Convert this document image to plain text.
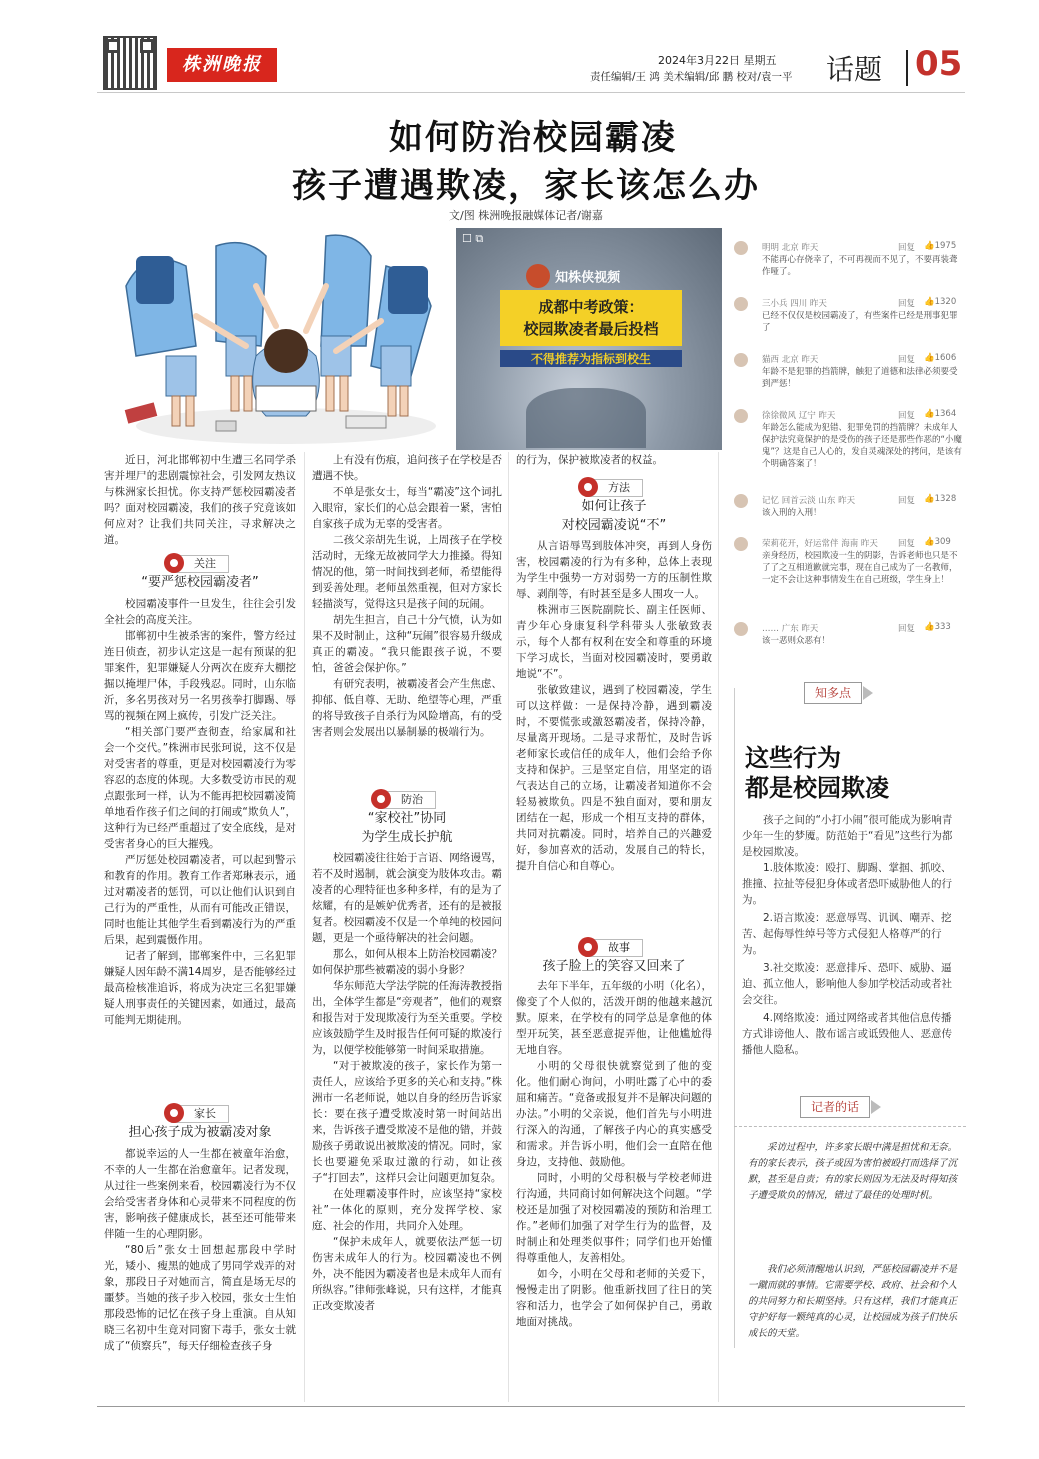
株洲晚报	2024年3月22日 星期五
责任编辑/王 鸿 美术编辑/邱 鹏 校对/袁一平 话题 05
如何防治校园霸凌
孩子遭遇欺凌，家长该怎么办
文/图 株洲晚报融媒体记者/谢嘉
☐ ⧉
知株侠视频
成都中考政策：
校园欺凌者最后投档
不得推荐为指标到校生
明明 北京 昨天	回复 👍1975
不能再心存侥幸了，不可再视而不见了，不要再装聋作哑了。
三小兵 四川 昨天	回复 👍1320
已经不仅仅是校园霸凌了，有些案件已经是刑事犯罪了
猫西 北京 昨天	回复 👍1606
年龄不是犯罪的挡箭牌，触犯了道德和法律必须要受到严惩！
徐徐微风 辽宁 昨天	回复 👍1364
年龄怎么能成为犯错、犯罪免罚的挡箭牌？未成年人保护法究竟保护的是受伤的孩子还是那些作恶的“小魔鬼”？这是自己人心的，发自灵魂深处的拷问，是该有个明确答案了！
记忆 回首云淡 山东 昨天	回复 👍1328
该入刑的入刑！
荣莉花开，好运常伴 海南 昨天 回复 👍309
亲身经历，校园欺凌一生的阴影，告诉老师也只是不了了之互相道歉就完事，现在自己成为了一名教师，一定不会让这种事情发生在自己班级，学生身上！
…… 广东 昨天	回复 👍333
该一恶则众恶有！
知多点
这些行为
都是校园欺凌
孩子之间的“小打小闹”很可能成为影响青少年一生的梦魇。防范始于“看见”这些行为都是校园欺凌。
1.肢体欺凌：殴打、脚踢、掌掴、抓咬、推撞、拉扯等侵犯身体或者恐吓威胁他人的行为。
2.语言欺凌：恶意辱骂、讥讽、嘲弄、挖苦、起侮辱性绰号等方式侵犯人格尊严的行为。
3.社交欺凌：恶意排斥、恐吓、威胁、逼迫、孤立他人，影响他人参加学校活动或者社会交往。
4.网络欺凌：通过网络或者其他信息传播方式诽谤他人、散布谣言或诋毁他人、恶意传播他人隐私。
记者的话
采访过程中，许多家长眼中满是担忧和无奈。有的家长表示，孩子或因为害怕被殴打而选择了沉默，甚至是自责；有的家长则因为无法及时得知孩子遭受欺负的情况，错过了最佳的处理时机。
我们必须清醒地认识到，严惩校园霸凌并不是一蹴而就的事情。它需要学校、政府、社会和个人的共同努力和长期坚持。只有这样，我们才能真正守护好每一颗纯真的心灵，让校园成为孩子们快乐成长的天堂。

近日，河北邯郸初中生遭三名同学杀害并埋尸的悲剧震惊社会，引发网友热议与株洲家长担忧。你支持严惩校园霸凌者吗？面对校园霸凌，我们的孩子究竟该如何应对？让我们共同关注，寻求解决之道。

关注
“要严惩校园霸凌者”

校园霸凌事件一旦发生，往往会引发全社会的高度关注。

邯郸初中生被杀害的案件，警方经过连日侦查，初步认定这是一起有预谋的犯罪案件，犯罪嫌疑人分两次在废弃大棚挖掘以掩埋尸体，手段残忍。同时，山东临沂，多名男孩对另一名男孩拳打脚踢、辱骂的视频在网上疯传，引发广泛关注。

“相关部门要严查彻查，给家属和社会一个交代。”株洲市民张珂说，这不仅是对受害者的尊重，更是对校园霸凌行为零容忍的态度的体现。大多数受访市民的观点跟张珂一样，认为不能再把校园霸凌简单地看作孩子们之间的打闹或“欺负人”，这种行为已经严重超过了安全底线，是对受害者身心的巨大摧残。

严厉惩处校园霸凌者，可以起到警示和教育的作用。教育工作者郑琳表示，通过对霸凌者的惩罚，可以让他们认识到自己行为的严重性，从而有可能改正错误，同时也能让其他学生看到霸凌行为的严重后果，起到震慑作用。

记者了解到，邯郸案件中，三名犯罪嫌疑人因年龄不满14周岁，是否能够经过最高检核准追诉，将成为决定三名犯罪嫌疑人刑事责任的关键因素，如通过，最高可能判无期徒刑。

家长
担心孩子成为被霸凌对象

都说幸运的人一生都在被童年治愈，不幸的人一生都在治愈童年。记者发现，从过往一些案例来看，校园霸凌行为不仅会给受害者身体和心灵带来不同程度的伤害，影响孩子健康成长，甚至还可能带来伴随一生的心理阴影。

“80后”张女士回想起那段中学时光，矮小、瘦黑的她成了男同学戏弄的对象，那段日子对她而言，简直是场无尽的噩梦。当她的孩子步入校园，张女士生怕那段恐怖的记忆在孩子身上重演。自从知晓三名初中生竟对同窗下毒手，张女士就成了“侦察兵”，每天仔细检查孩子身

上有没有伤痕，追问孩子在学校是否遭遇不快。

不单是张女士，每当“霸凌”这个词扎入眼帘，家长们的心总会跟着一紧，害怕自家孩子成为无辜的受害者。

二孩父亲胡先生说，上周孩子在学校活动时，无缘无故被同学大力推搡。得知情况的他，第一时间找到老师，希望能得到妥善处理。老师虽然重视，但对方家长轻描淡写，觉得这只是孩子间的玩闹。

胡先生担言，自己十分气愤，认为如果不及时制止，这种“玩闹”很容易升级成真正的霸凌。“我只能跟孩子说，不要怕，爸爸会保护你。”

有研究表明，被霸凌者会产生焦虑、抑郁、低自尊、无助、绝望等心理，严重的将导致孩子自杀行为风险增高，有的受害者则会发展出以暴制暴的极端行为。

防治
“家校社”协同
为学生成长护航

校园霸凌往往始于言语、网络谩骂，若不及时遏制，就会演变为肢体攻击。霸凌者的心理特征也多种多样，有的是为了炫耀，有的是嫉妒优秀者，还有的是被报复者。校园霸凌不仅是一个单纯的校园问题，更是一个亟待解决的社会问题。

那么，如何从根本上防治校园霸凌？如何保护那些被霸凌的弱小身影？

华东师范大学法学院的任海涛教授指出，全体学生都是“旁观者”，他们的观察和报告对于发现欺凌行为至关重要。学校应该鼓励学生及时报告任何可疑的欺凌行为，以便学校能够第一时间采取措施。

“对于被欺凌的孩子，家长作为第一责任人，应该给予更多的关心和支持。”株洲市一名老师说，她以自身的经历告诉家长：要在孩子遭受欺凌时第一时间站出来，告诉孩子遭受欺凌不是他的错，并鼓励孩子勇敢说出被欺凌的情况。同时，家长也要避免采取过激的行动，如让孩子“打回去”，这样只会让问题更加复杂。

在处理霸凌事件时，应该坚持“家校社”一体化的原则，充分发挥学校、家庭、社会的作用，共同介入处理。

“保护未成年人，就要依法严惩一切伤害未成年人的行为。校园霸凌也不例外，决不能因为霸凌者也是未成年人而有所纵容。”律师张峰说，只有这样，才能真正改变欺凌者

的行为，保护被欺凌者的权益。

方法
如何让孩子
对校园霸凌说“不”

从言语辱骂到肢体冲突，再到人身伤害，校园霸凌的行为有多种，总体上表现为学生中强势一方对弱势一方的压制性欺辱、剥削等，有时甚至是多人围攻一人。

株洲市三医院副院长、副主任医师、青少年心身康复科学科带头人张敏致表示，每个人都有权利在安全和尊重的环境下学习成长，当面对校园霸凌时，要勇敢地说“不”。

张敏致建议，遇到了校园霸凌，学生可以这样做：一是保持冷静，遇到霸凌时，不要慌张或激怒霸凌者，保持冷静，尽量离开现场。二是寻求帮忙，及时告诉老师家长或信任的成年人，他们会给予你支持和保护。三是坚定自信，用坚定的语气表达自己的立场，让霸凌者知道你不会轻易被欺负。四是不独自面对，要和朋友团结在一起，形成一个相互支持的群体，共同对抗霸凌。同时，培养自己的兴趣爱好，参加喜欢的活动，发展自己的特长，提升自信心和自尊心。

故事
孩子脸上的笑容又回来了

去年下半年，五年级的小明（化名），像变了个人似的，活泼开朗的他越来越沉默。原来，在学校有的同学总是拿他的体型开玩笑，甚至恶意捉弄他，让他尴尬得无地自容。

小明的父母很快就察觉到了他的变化。他们耐心询问，小明吐露了心中的委屈和痛苦。“竟备或报复并不是解决问题的办法。”小明的父亲说，他们首先与小明进行深入的沟通，了解孩子内心的真实感受和需求。并告诉小明，他们会一直陪在他身边，支持他、鼓励他。

同时，小明的父母积极与学校老师进行沟通，共同商讨如何解决这个问题。“学校还是加强了对校园霸凌的预防和治理工作。”老师们加强了对学生行为的监督，及时制止和处理类似事件；同学们也开始懂得尊重他人，友善相处。

如今，小明在父母和老师的关爱下，慢慢走出了阴影。他重新找回了往日的笑容和活力，也学会了如何保护自己，勇敢地面对挑战。
